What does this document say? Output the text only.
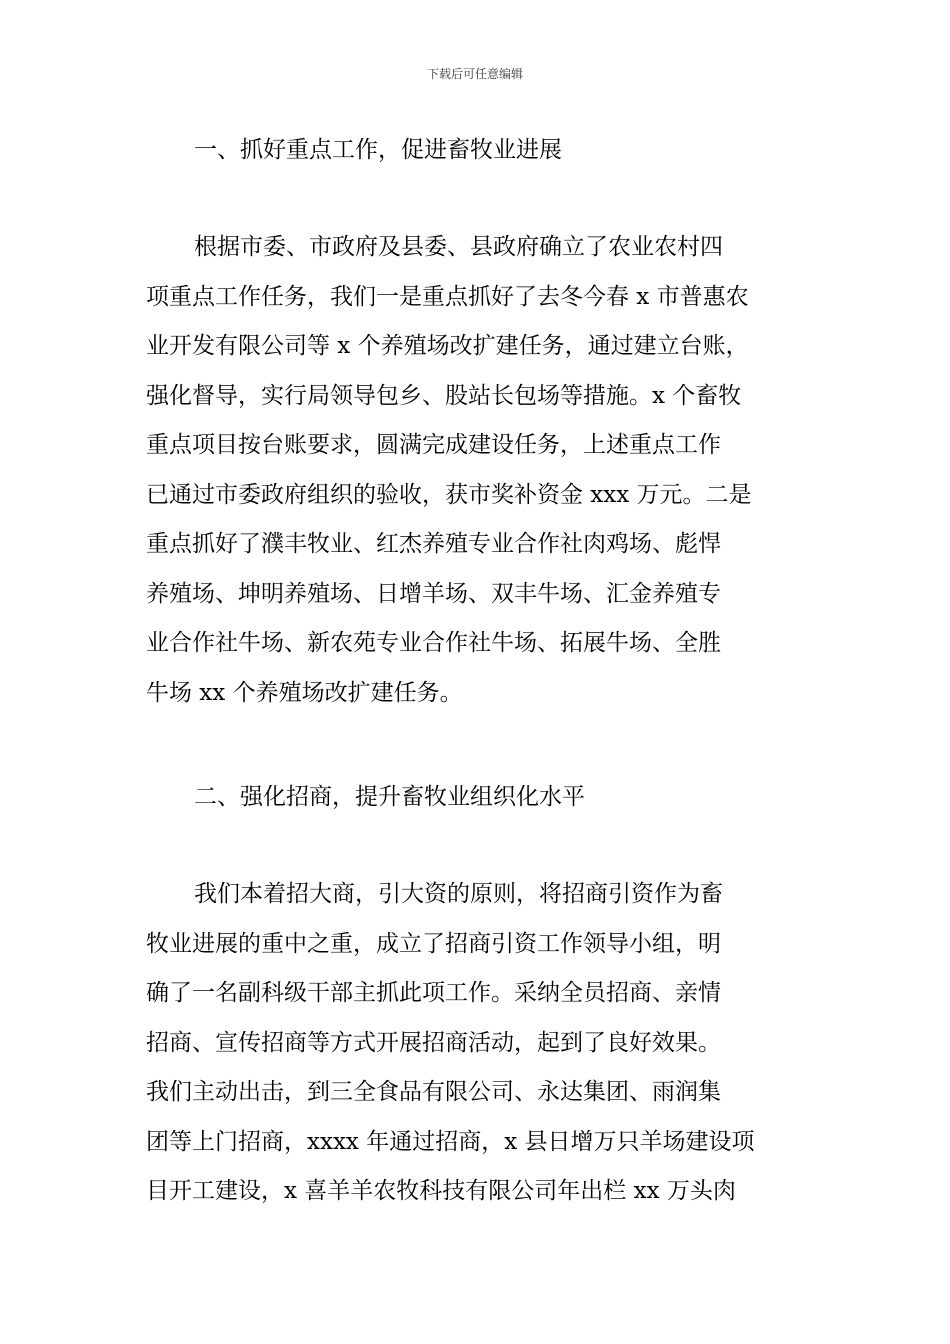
下载后可任意编辑
一、抓好重点工作，促进畜牧业进展
根据市委、市政府及县委、县政府确立了农业农村四
项重点工作任务，我们一是重点抓好了去冬今春 x 市普惠农
业开发有限公司等 x 个养殖场改扩建任务，通过建立台账，
强化督导，实行局领导包乡、股站长包场等措施。x 个畜牧
重点项目按台账要求，圆满完成建设任务，上述重点工作
已通过市委政府组织的验收，获市奖补资金 xxx 万元。二是
重点抓好了濮丰牧业、红杰养殖专业合作社肉鸡场、彪悍
养殖场、坤明养殖场、日增羊场、双丰牛场、汇金养殖专
业合作社牛场、新农苑专业合作社牛场、拓展牛场、全胜
牛场 xx 个养殖场改扩建任务。
二、强化招商，提升畜牧业组织化水平
我们本着招大商，引大资的原则，将招商引资作为畜
牧业进展的重中之重，成立了招商引资工作领导小组，明
确了一名副科级干部主抓此项工作。采纳全员招商、亲情
招商、宣传招商等方式开展招商活动，起到了良好效果。
我们主动出击，到三全食品有限公司、永达集团、雨润集
团等上门招商，xxxx 年通过招商，x 县日增万只羊场建设项
目开工建设，x 喜羊羊农牧科技有限公司年出栏 xx 万头肉
